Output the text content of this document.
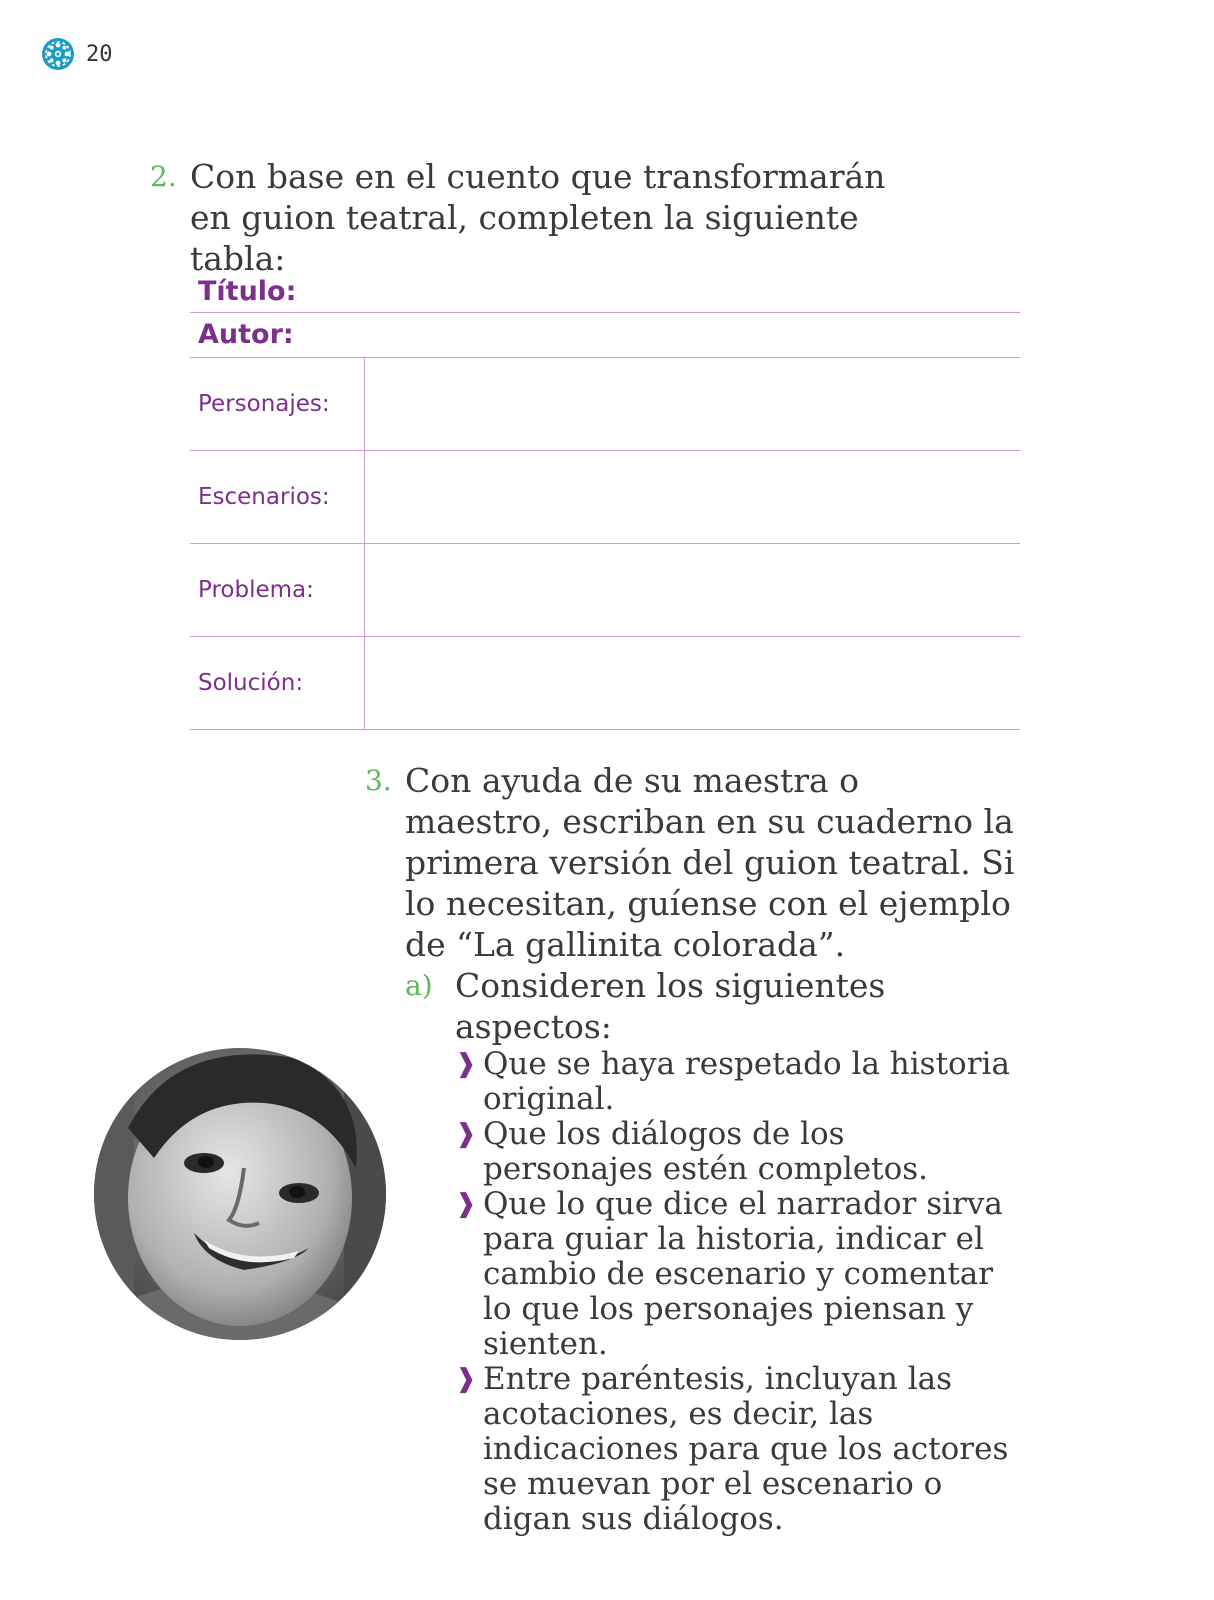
20
2. Con base en el cuento que transformarán en guion teatral, completen la siguiente tabla:
Título:
Autor:
Personajes:
Escenarios:
Problema:
Solución:
3. Con ayuda de su maestra o maestro, escriban en su cuaderno la primera versión del guion teatral. Si lo necesitan, guíense con el ejemplo de “La gallinita colorada”.
a) Consideren los siguientes aspectos:
❱ Que se haya respetado la historia original.
❱ Que los diálogos de los personajes estén completos.
❱ Que lo que dice el narrador sirva para guiar la historia, indicar el cambio de escenario y comentar lo que los personajes piensan y sienten.
❱ Entre paréntesis, incluyan las acotaciones, es decir, las indicaciones para que los actores se muevan por el escenario o digan sus diálogos.
